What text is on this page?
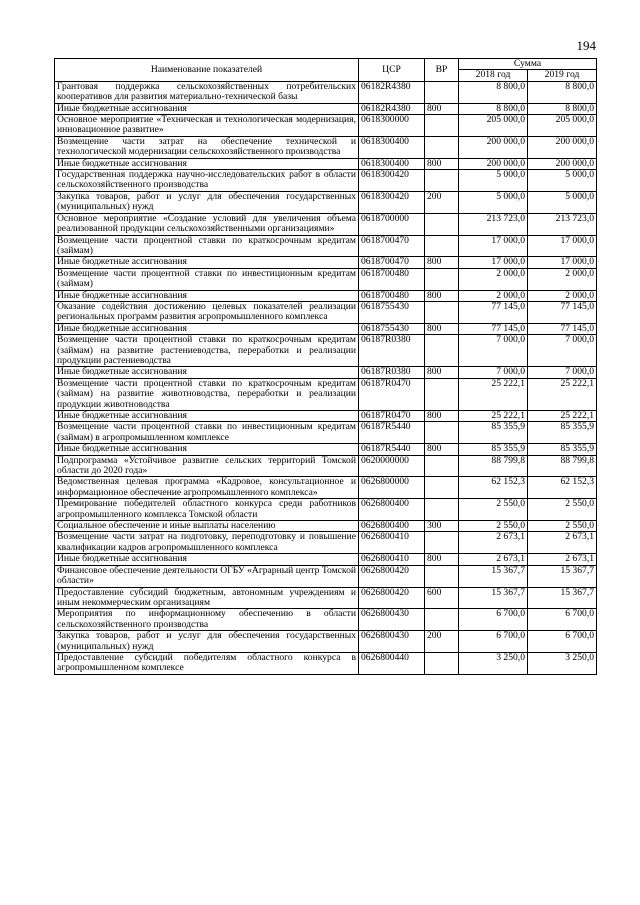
194
Наименование показателей	ЦСР	ВР	Сумма	
			2018 год	2019 год
Грантовая поддержка сельскохозяйственных потребительских кооперативов для развития материально-технической базы	06182R4380		8 800,0	8 800,0
Иные бюджетные ассигнования	06182R4380	800	8 800,0	8 800,0
Основное мероприятие «Техническая и технологическая модернизация, инновационное развитие»	0618300000		205 000,0	205 000,0
Возмещение части затрат на обеспечение технической и технологической модернизации сельскохозяйственного производства	0618300400		200 000,0	200 000,0
Иные бюджетные ассигнования	0618300400	800	200 000,0	200 000,0
Государственная поддержка научно-исследовательских работ в области сельскохозяйственного производства	0618300420		5 000,0	5 000,0
Закупка товаров, работ и услуг для обеспечения государственных (муниципальных) нужд	0618300420	200	5 000,0	5 000,0
Основное мероприятие «Создание условий для увеличения объема реализованной продукции сельскохозяйственными организациями»	0618700000		213 723,0	213 723,0
Возмещение части процентной ставки по краткосрочным кредитам (займам)	0618700470		17 000,0	17 000,0
Иные бюджетные ассигнования	0618700470	800	17 000,0	17 000,0
Возмещение части процентной ставки по инвестиционным кредитам (займам)	0618700480		2 000,0	2 000,0
Иные бюджетные ассигнования	0618700480	800	2 000,0	2 000,0
Оказание содействия достижению целевых показателей реализации региональных программ развития агропромышленного комплекса	0618755430		77 145,0	77 145,0
Иные бюджетные ассигнования	0618755430	800	77 145,0	77 145,0
Возмещение части процентной ставки по краткосрочным кредитам (займам) на развитие растениеводства, переработки и реализации продукции растениеводства	06187R0380		7 000,0	7 000,0
Иные бюджетные ассигнования	06187R0380	800	7 000,0	7 000,0
Возмещение части процентной ставки по краткосрочным кредитам (займам) на развитие животноводства, переработки и реализации продукции животноводства	06187R0470		25 222,1	25 222,1
Иные бюджетные ассигнования	06187R0470	800	25 222,1	25 222,1
Возмещение части процентной ставки по инвестиционным кредитам (займам) в агропромышленном комплексе	06187R5440		85 355,9	85 355,9
Иные бюджетные ассигнования	06187R5440	800	85 355,9	85 355,9
Подпрограмма «Устойчивое развитие сельских территорий Томской области до 2020 года»	0620000000		88 799,8	88 799,8
Ведомственная целевая программа «Кадровое, консультационное и информационное обеспечение агропромышленного комплекса»	0626800000		62 152,3	62 152,3
Премирование победителей областного конкурса среди работников агропромышленного комплекса Томской области	0626800400		2 550,0	2 550,0
Социальное обеспечение и иные выплаты населению	0626800400	300	2 550,0	2 550,0
Возмещение части затрат на подготовку, переподготовку и повышение квалификации кадров агропромышленного комплекса	0626800410		2 673,1	2 673,1
Иные бюджетные ассигнования	0626800410	800	2 673,1	2 673,1
Финансовое обеспечение деятельности ОГБУ «Аграрный центр Томской области»	0626800420		15 367,7	15 367,7
Предоставление субсидий бюджетным, автономным учреждениям и иным некоммерческим организациям	0626800420	600	15 367,7	15 367,7
Мероприятия по информационному обеспечению в области сельскохозяйственного производства	0626800430		6 700,0	6 700,0
Закупка товаров, работ и услуг для обеспечения государственных (муниципальных) нужд	0626800430	200	6 700,0	6 700,0
Предоставление субсидий победителям областного конкурса в агропромышленном комплексе	0626800440		3 250,0	3 250,0
